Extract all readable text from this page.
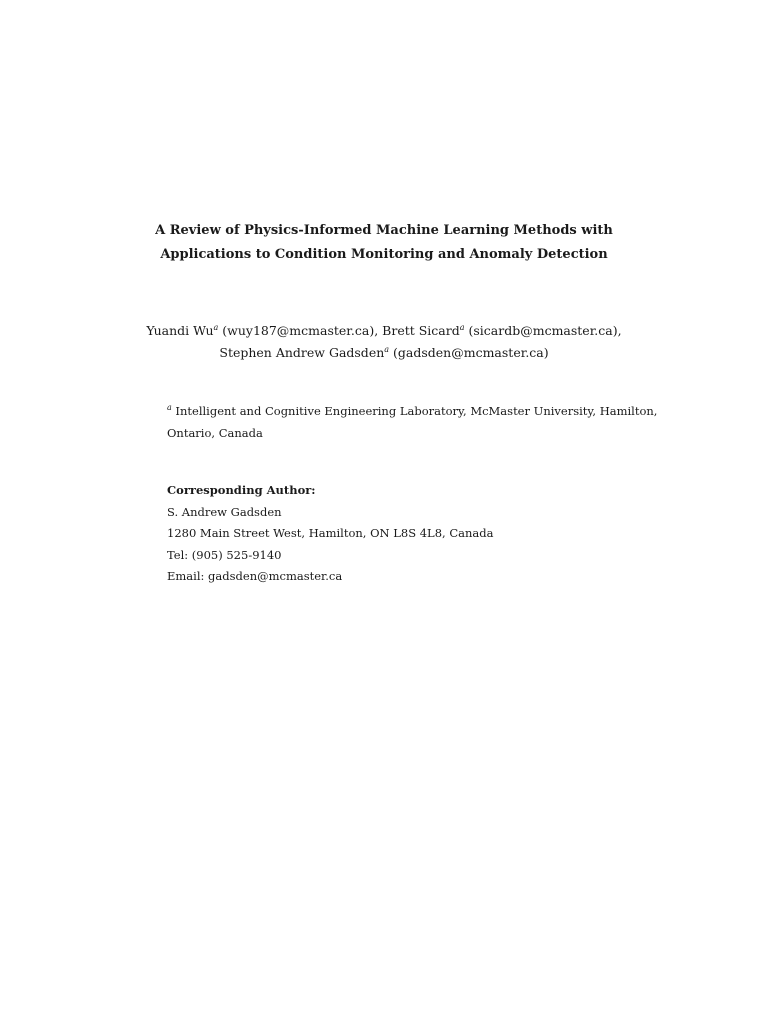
A Review of Physics-Informed Machine Learning Methods with
Applications to Condition Monitoring and Anomaly Detection
Yuandi Wu$^a$ (wuy187@mcmaster.ca), Brett Sicard$^a$ (sicardb@mcmaster.ca),
Stephen Andrew Gadsden$^a$ (gadsden@mcmaster.ca)
$^a$ Intelligent and Cognitive Engineering Laboratory, McMaster University, Hamilton,
Ontario, Canada
Corresponding Author:
S. Andrew Gadsden
1280 Main Street West, Hamilton, ON L8S 4L8, Canada
Tel: (905) 525-9140
Email: gadsden@mcmaster.ca
